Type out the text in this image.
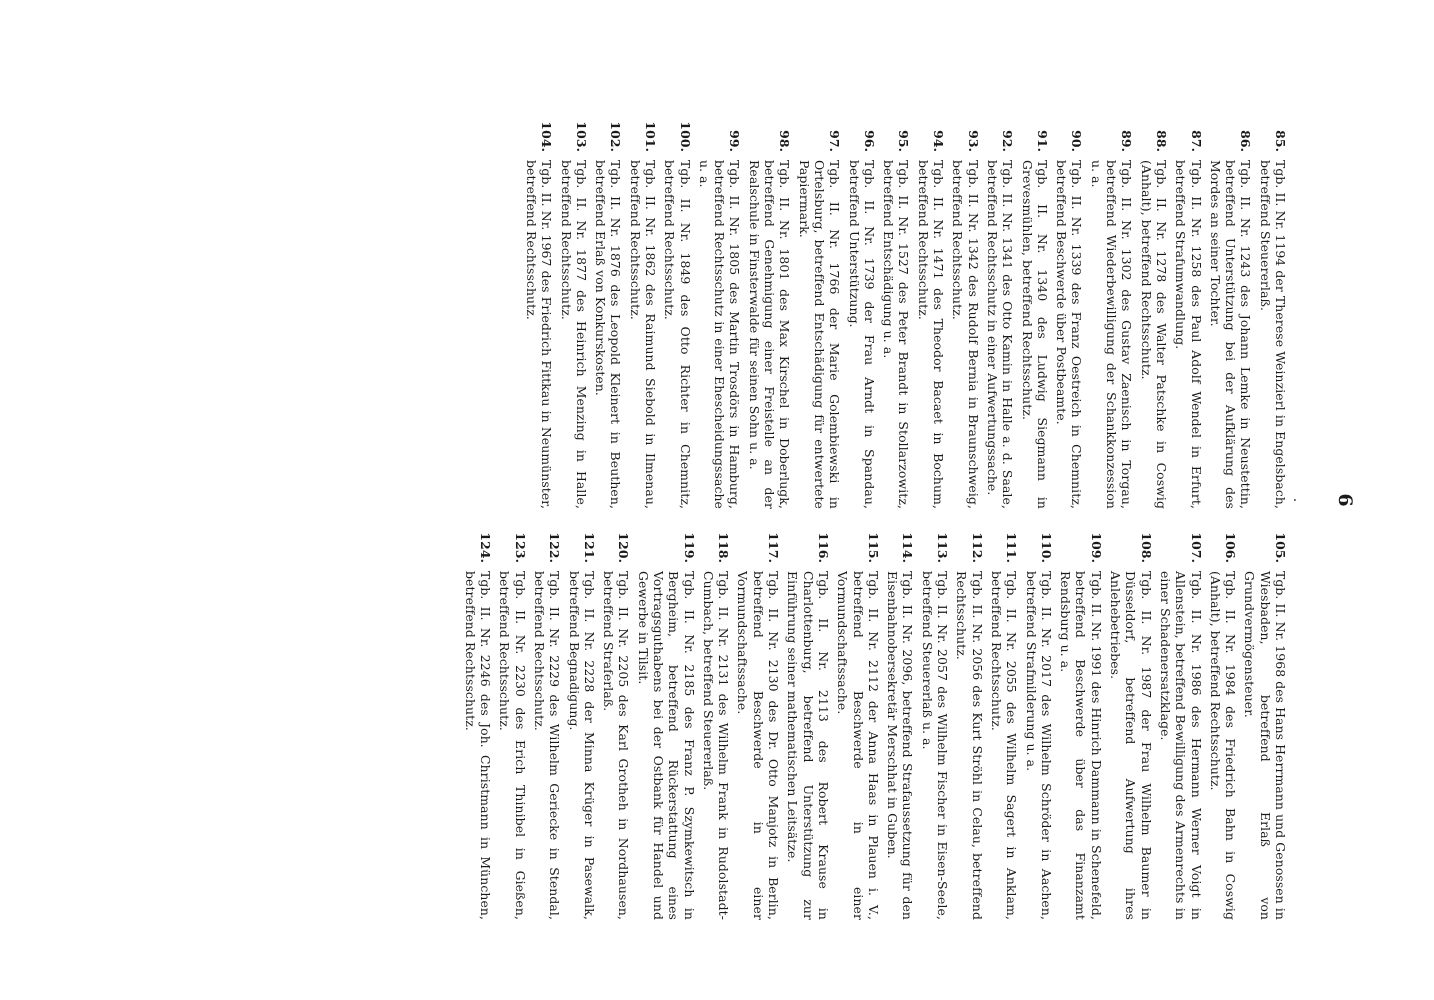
6
.
85.
Tgb. II. Nr. 1194 der Therese Weinzierl in Engelsbach, betreffend Steuererlaß.
86.
Tgb. II. Nr. 1243 des Johann Lemke in Neustettin, betreffend Unterstützung bei der Aufklärung des Mordes an seiner Tochter.
87.
Tgb. II. Nr. 1258 des Paul Adolf Wendel in Erfurt, betreffend Strafumwandlung.
88.
Tgb. II. Nr. 1278 des Walter Patschke in Coswig (Anhalt), betreffend Rechtsschutz.
89.
Tgb. II. Nr. 1302 des Gustav Zaenisch in Torgau, betreffend Wiederbewilligung der Schankkonzession u. a.
90.
Tgb. II. Nr. 1339 des Franz Oestreich in Chemnitz, betreffend Beschwerde über Postbeamte.
91.
Tgb. II. Nr. 1340 des Ludwig Siegmann in Grevesmühlen, betreffend Rechtsschutz.
92.
Tgb. II. Nr. 1341 des Otto Kamin in Halle a. d. Saale, betreffend Rechtsschutz in einer Aufwertungssache.
93.
Tgb. II. Nr. 1342 des Rudolf Bernia in Braunschweig, betreffend Rechtsschutz.
94.
Tgb. II. Nr. 1471 des Theodor Bacaet in Bochum, betreffend Rechtsschutz.
95.
Tgb. II. Nr. 1527 des Peter Brandt in Stollarzowitz, betreffend Entschädigung u. a.
96.
Tgb. II. Nr. 1739 der Frau Arndt in Spandau, betreffend Unterstützung.
97.
Tgb. II. Nr. 1766 der Marie Golembiewski in Ortelsburg, betreffend Entschädigung für entwertete Papiermark.
98.
Tgb. II. Nr. 1801 des Max Kirschel in Doberlugk, betreffend Genehmigung einer Freistelle an der Realschule in Finsterwalde für seinen Sohn u. a.
99.
Tgb. II. Nr. 1805 des Martin Trosdörs in Hamburg, betreffend Rechtsschutz in einer Ehescheidungssache u. a.
100.
Tgb. II. Nr. 1849 des Otto Richter in Chemnitz, betreffend Rechtsschutz.
101.
Tgb. II. Nr. 1862 des Raimund Siebold in Ilmenau, betreffend Rechtsschutz.
102.
Tgb. II. Nr. 1876 des Leopold Kleinert in Beuthen, betreffend Erlaß von Konkurskosten.
103.
Tgb. II. Nr. 1877 des Heinrich Menzing in Halle, betreffend Rechtsschutz.
104.
Tgb. II. Nr. 1967 des Friedrich Fittkau in Neumünster, betreffend Rechtsschutz.
105.
Tgb. II. Nr. 1968 des Hans Herrmann und Genossen in Wiesbaden, betreffend Erlaß von Grundvermögensteuer.
106.
Tgb. II. Nr. 1984 des Friedrich Bahn in Coswig (Anhalt), betreffend Rechtsschutz.
107.
Tgb. II. Nr. 1986 des Hermann Werner Voigt in Allenstein, betreffend Bewilligung des Armenrechts in einer Schadenersatzklage.
108.
Tgb. II. Nr. 1987 der Frau Wilhelm Baumer in Düsseldorf, betreffend Aufwertung ihres Anlehebetriebes.
109.
Tgb. II. Nr. 1991 des Hinrich Dammann in Schenefeld, betreffend Beschwerde über das Finanzamt Rendsburg u. a.
110.
Tgb. II. Nr. 2017 des Wilhelm Schröder in Aachen, betreffend Strafmilderung u. a.
111.
Tgb. II. Nr. 2055 des Wilhelm Sagert in Anklam, betreffend Rechtsschutz.
112.
Tgb. II. Nr. 2056 des Kurt Ströhl in Celau, betreffend Rechtsschutz.
113.
Tgb. II. Nr. 2057 des Wilhelm Fischer in Eisen-Seele, betreffend Steuererlaß u. a.
114.
Tgb. II. Nr. 2096, betreffend Strafaussetzung für den Eisenbahnobersekretär Merschhat in Guben.
115.
Tgb. II. Nr. 2112 der Anna Haas in Plauen i. V., betreffend Beschwerde in einer Vormundschaftssache.
116.
Tgb. II. Nr. 2113 des Robert Krause in Charlottenburg, betreffend Unterstützung zur Einführung seiner mathematischen Leitsätze.
117.
Tgb. II. Nr. 2130 des Dr. Otto Manjotz in Berlin, betreffend Beschwerde in einer Vormundschaftssache.
118.
Tgb. II. Nr. 2131 des Wilhelm Frank in Rudolstadt-Cumbach, betreffend Steuererlaß.
119.
Tgb. II. Nr. 2185 des Franz P. Szymkewitsch in Bergheim, betreffend Rückerstattung eines Vortragsguthabens bei der Ostbank für Handel und Gewerbe in Tilsit.
120.
Tgb. II. Nr. 2205 des Karl Grotheh in Nordhausen, betreffend Straferlaß.
121.
Tgb. II. Nr. 2228 der Minna Krüger in Pasewalk, betreffend Begnadigung.
122.
Tgb. II. Nr. 2229 des Wilhelm Geriecke in Stendal, betreffend Rechtsschutz.
123.
Tgb. II. Nr. 2230 des Erich Thinibel in Gießen, betreffend Rechtsschutz.
124.
Tgb. II. Nr. 2246 des Joh. Christmann in München, betreffend Rechtsschutz.
